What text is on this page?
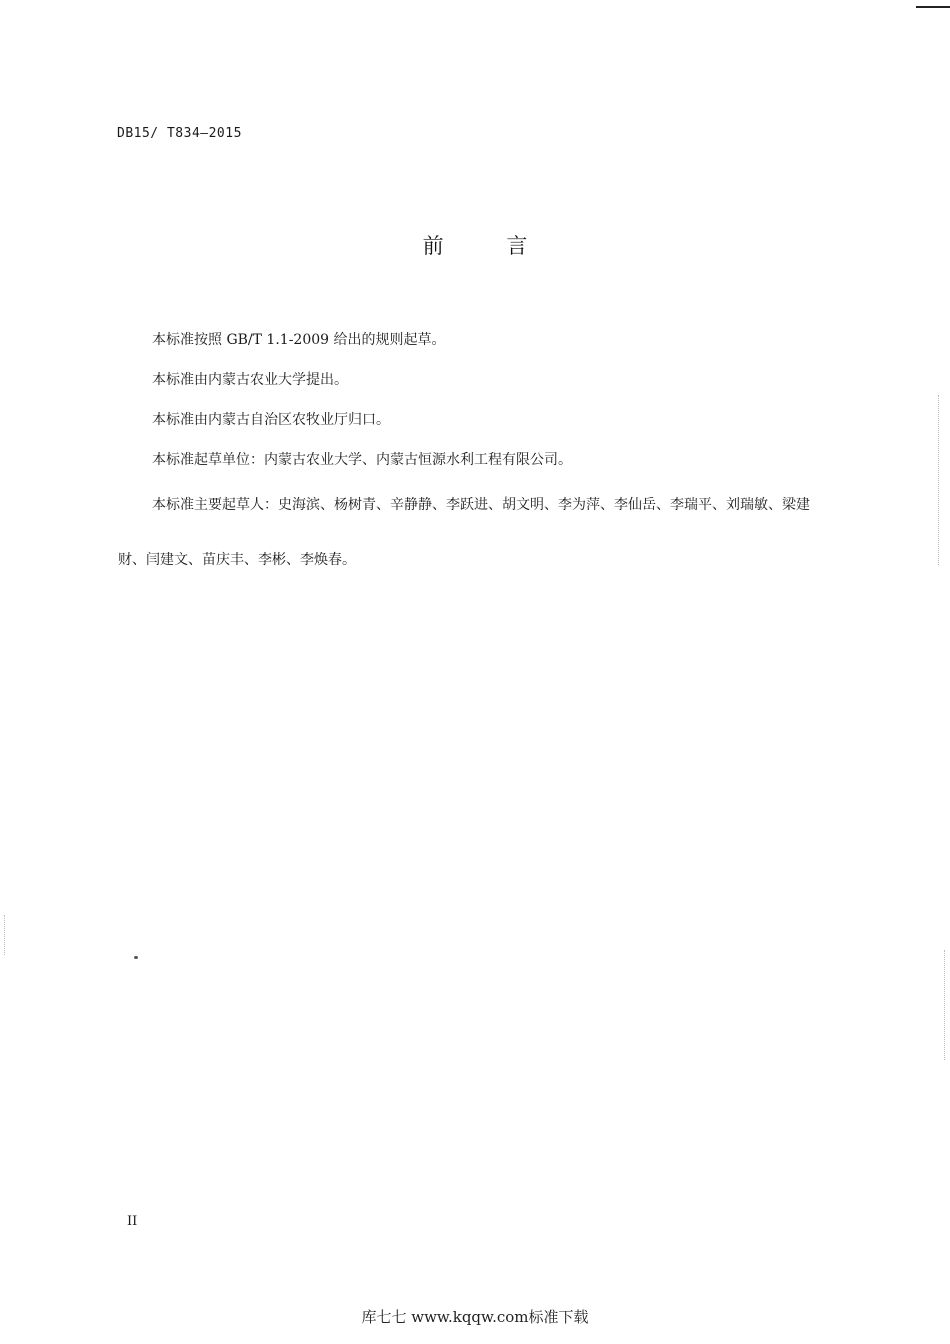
DB15/ T834—2015
前 言
本标准按照 GB/T 1.1-2009 给出的规则起草。
本标准由内蒙古农业大学提出。
本标准由内蒙古自治区农牧业厅归口。
本标准起草单位：内蒙古农业大学、内蒙古恒源水利工程有限公司。
本标准主要起草人：史海滨、杨树青、辛静静、李跃进、胡文明、李为萍、李仙岳、李瑞平、刘瑞敏、梁建财、闫建文、苗庆丰、李彬、李焕春。
II
库七七 www.kqqw.com标准下载
